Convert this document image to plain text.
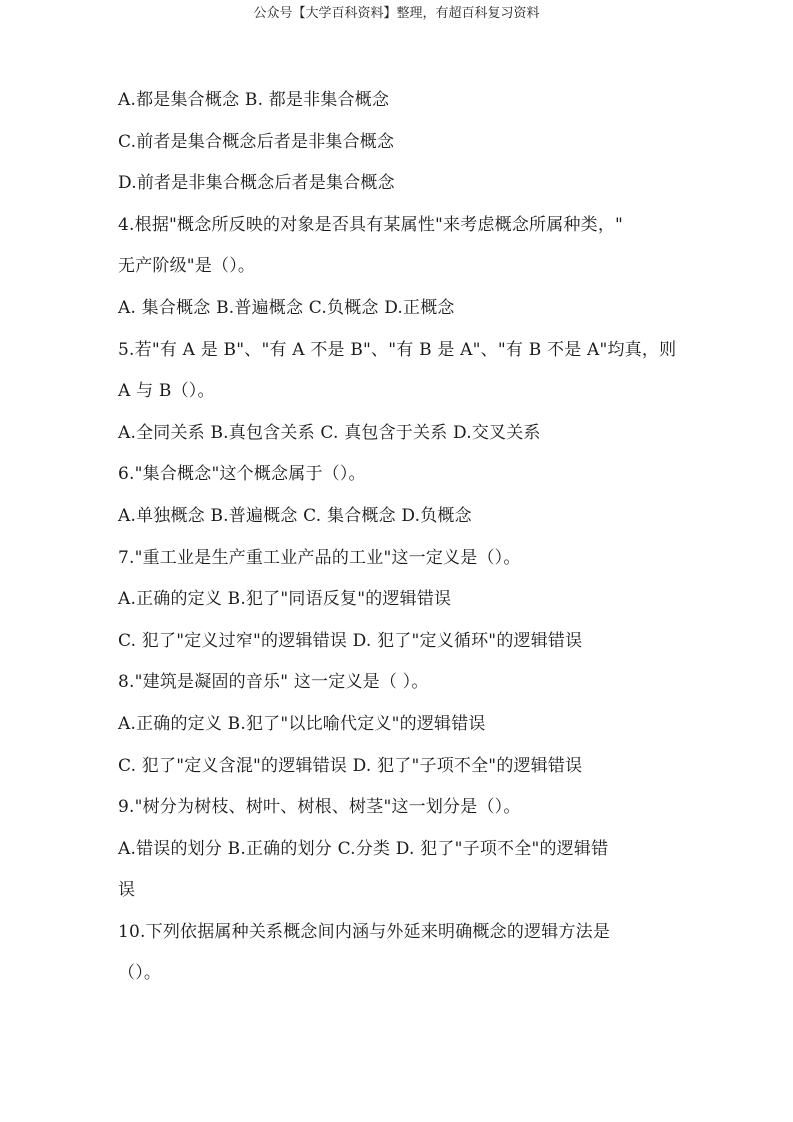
公众号【大学百科资料】整理，有超百科复习资料
A.都是集合概念 B. 都是非集合概念
C.前者是集合概念后者是非集合概念
D.前者是非集合概念后者是集合概念
4.根据"概念所反映的对象是否具有某属性"来考虑概念所属种类，"
无产阶级"是（）。
A. 集合概念 B.普遍概念 C.负概念 D.正概念
5.若"有 A 是 B"、"有 A 不是 B"、"有 B 是 A"、"有 B 不是 A"均真，则
A 与 B（）。
A.全同关系 B.真包含关系 C. 真包含于关系 D.交叉关系
6."集合概念"这个概念属于（）。
A.单独概念 B.普遍概念 C. 集合概念 D.负概念
7."重工业是生产重工业产品的工业"这一定义是（）。
A.正确的定义 B.犯了"同语反复"的逻辑错误
C. 犯了"定义过窄"的逻辑错误 D. 犯了"定义循环"的逻辑错误
8."建筑是凝固的音乐" 这一定义是（ ）。
A.正确的定义 B.犯了"以比喻代定义"的逻辑错误
C. 犯了"定义含混"的逻辑错误 D. 犯了"子项不全"的逻辑错误
9."树分为树枝、树叶、树根、树茎"这一划分是（）。
A.错误的划分 B.正确的划分 C.分类 D. 犯了"子项不全"的逻辑错
误
10.下列依据属种关系概念间内涵与外延来明确概念的逻辑方法是
（）。
